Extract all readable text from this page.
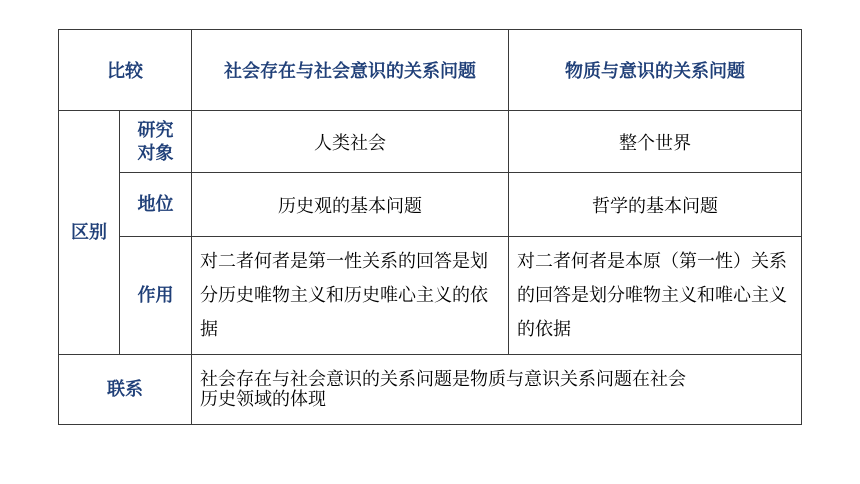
比较		社会存在与社会意识的关系问题	物质与意识的关系问题
区别	研究对象	人类社会	整个世界
	地位	历史观的基本问题	哲学的基本问题
	作用	对二者何者是第一性关系的回答是划分历史唯物主义和历史唯心主义的依据	对二者何者是本原（第一性）关系的回答是划分唯物主义和唯心主义的依据

联系		社会存在与社会意识的关系问题是物质与意识关系问题在社会历史领域的体现	
